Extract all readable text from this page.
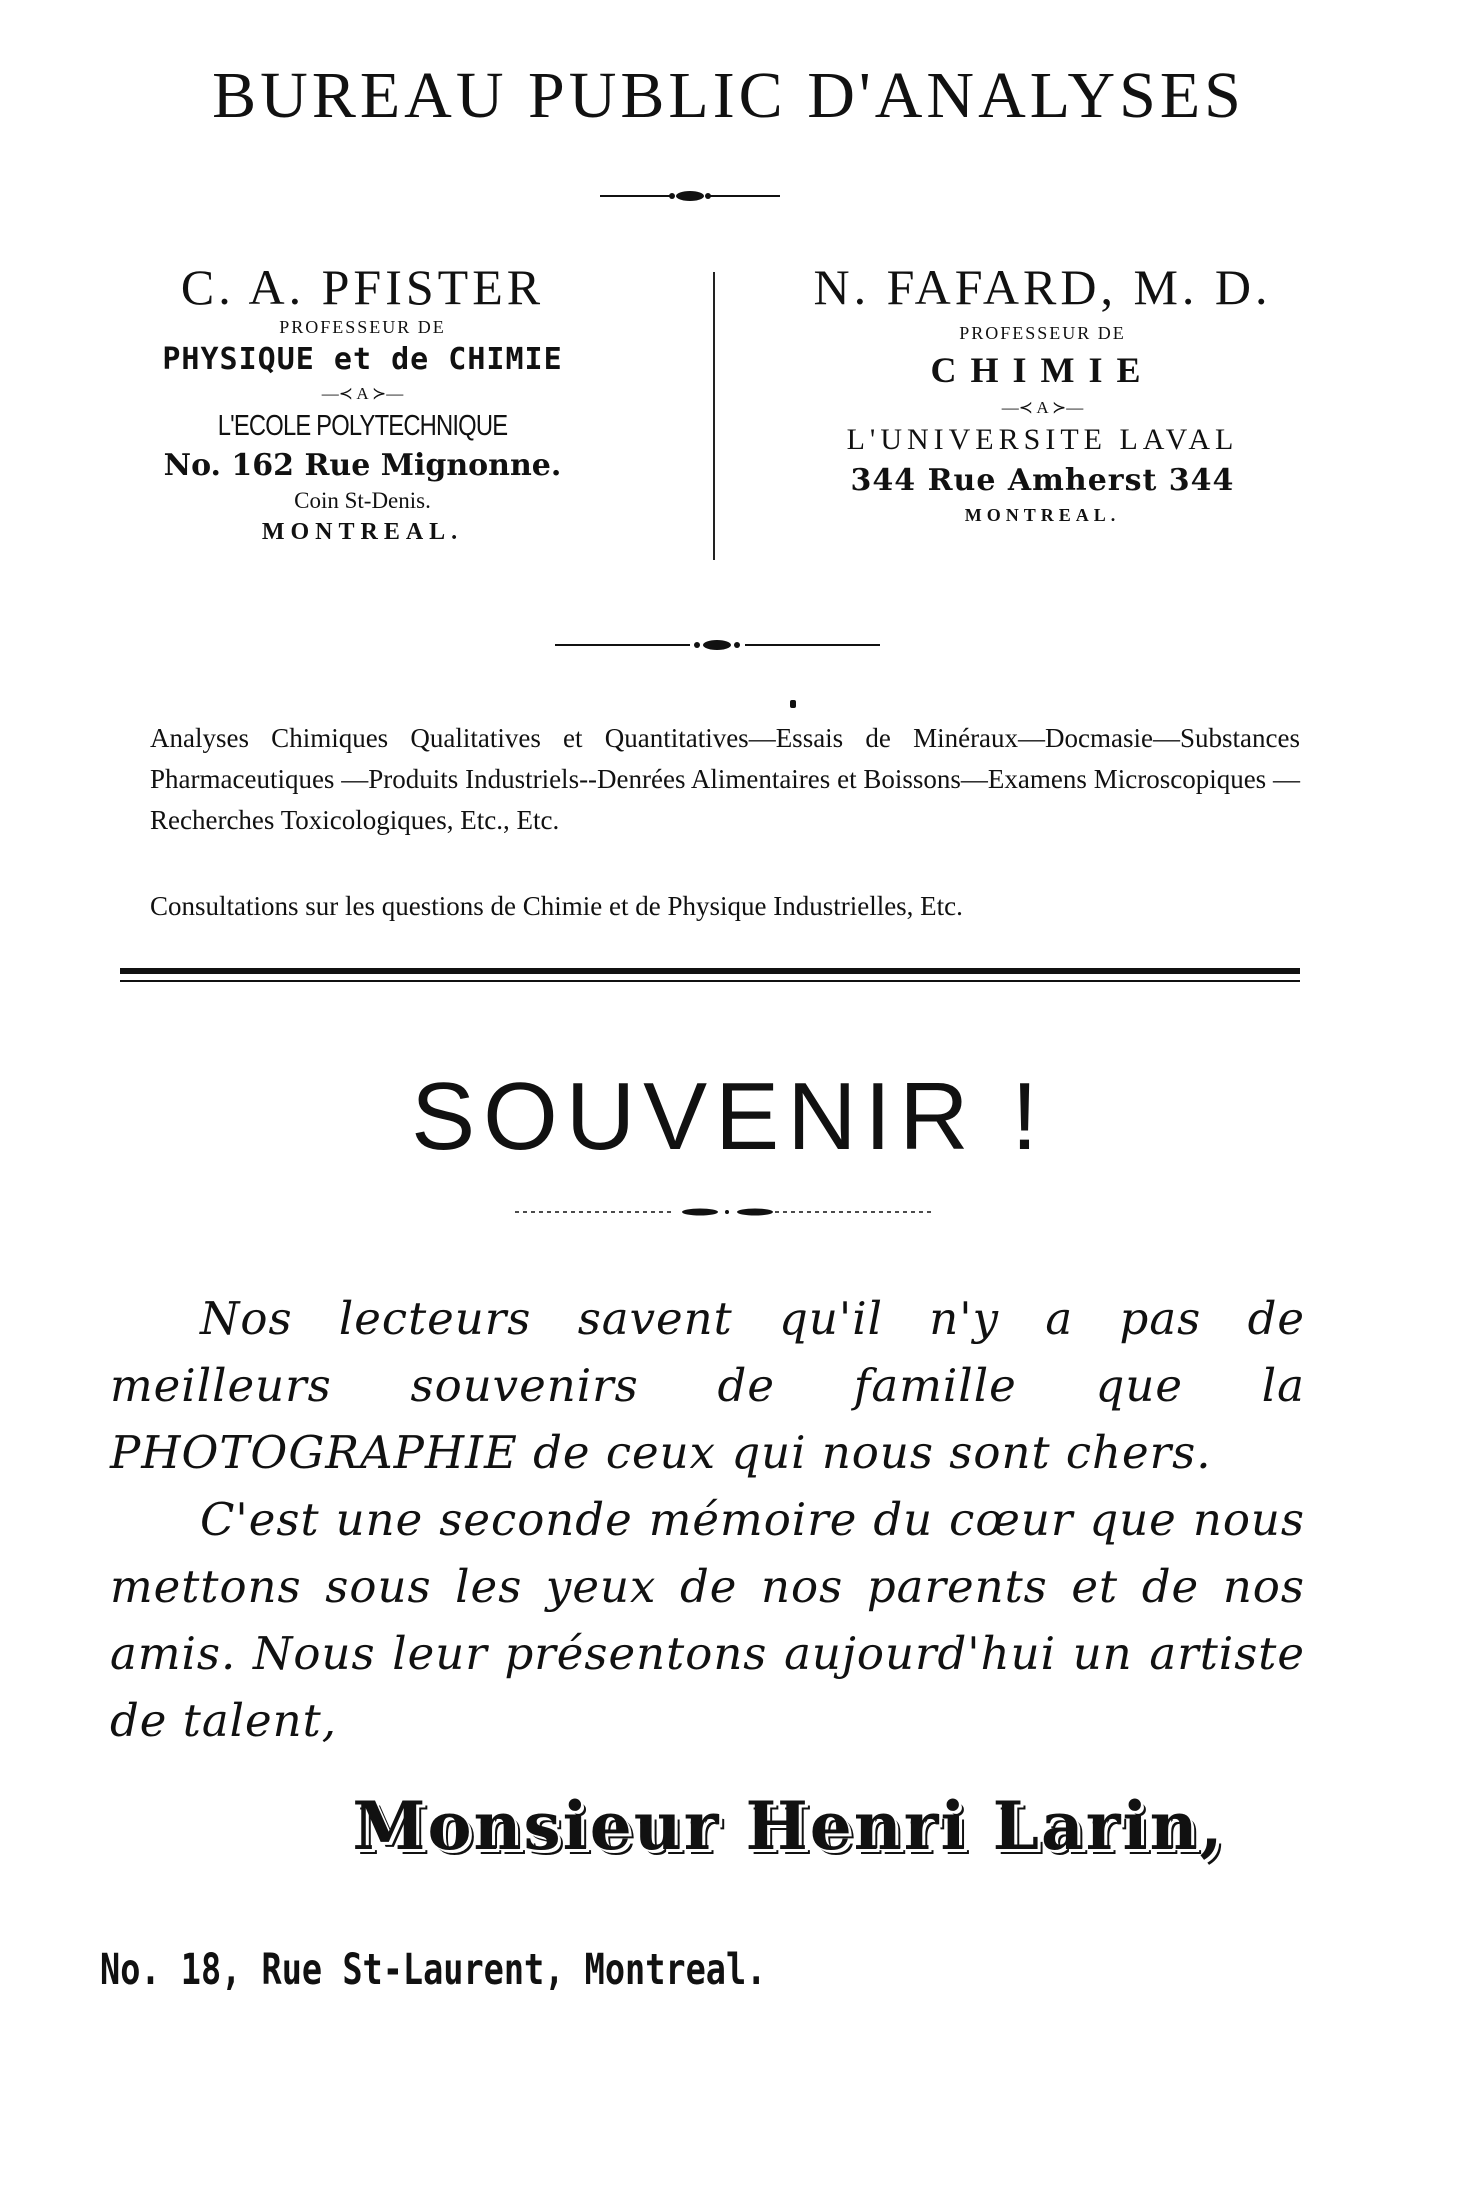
BUREAU PUBLIC D'ANALYSES
C. A. PFISTER
PROFESSEUR DE
PHYSIQUE et de CHIMIE
—≺ A ≻—
L'ECOLE POLYTECHNIQUE
No. 162 Rue Mignonne.
Coin St-Denis.
MONTREAL.
N. FAFARD, M. D.
PROFESSEUR DE
CHIMIE
—≺ A ≻—
L'UNIVERSITE LAVAL
344 Rue Amherst 344
MONTREAL.
Analyses Chimiques Qualitatives et Quantitatives—Essais de Minéraux—Docmasie—Substances Pharmaceutiques —Produits Industriels--Denrées Alimentaires et Boissons—Examens Microscopiques — Recherches Toxicologiques, Etc., Etc.
Consultations sur les questions de Chimie et de Physique Industrielles, Etc.
SOUVENIR !

Nos lecteurs savent qu'il n'y a pas de meilleurs souvenirs de famille que la PHOTOGRAPHIE de ceux qui nous sont chers.

C'est une seconde mémoire du cœur que nous mettons sous les yeux de nos parents et de nos amis. Nous leur présentons aujourd'hui un artiste de talent,

Monsieur Henri Larin,
No. 18, Rue St-Laurent, Montreal.
